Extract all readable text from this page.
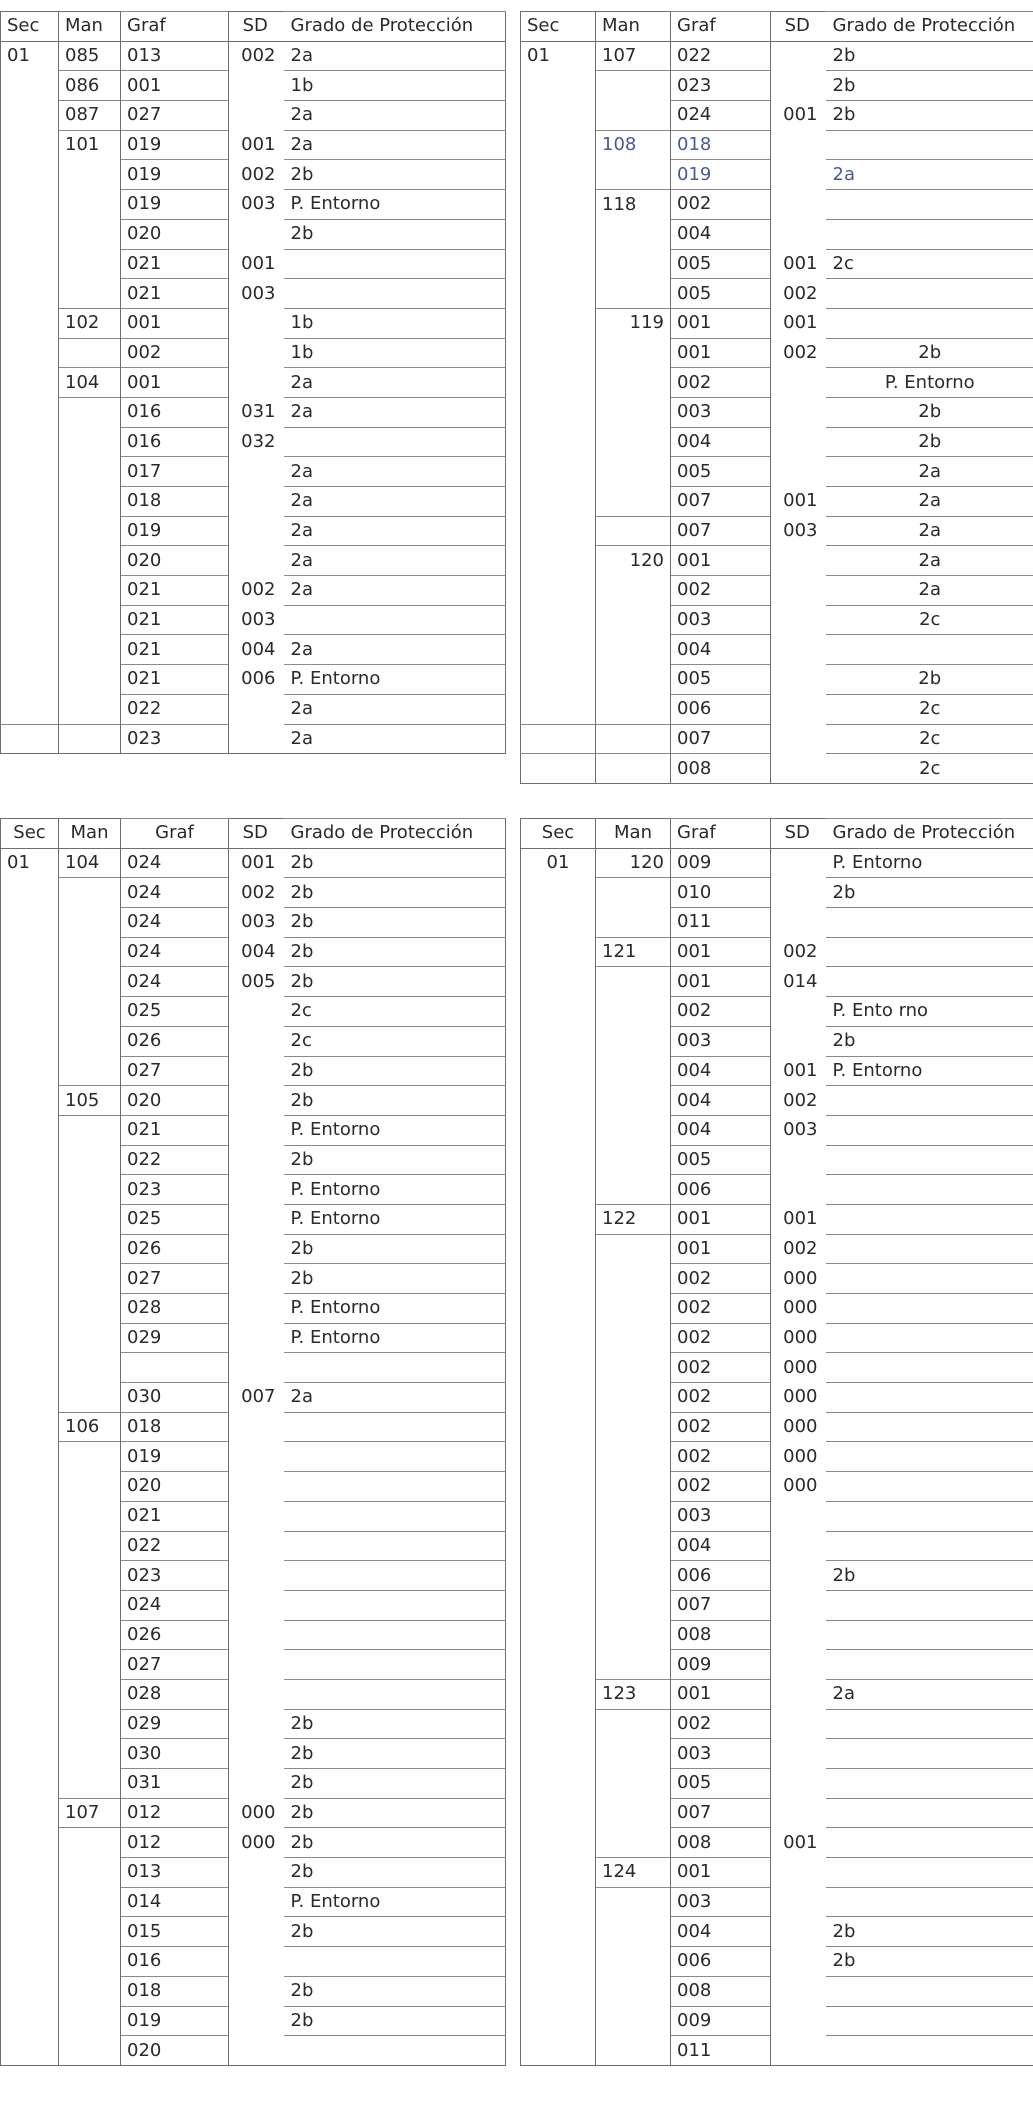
Sec	Man	Graf	SD	Grado de Protección
01	085	013	002	2a
	086	001		1b
	087	027		2a
	101	019	001	2a
		019	002	2b
		019	003	P. Entorno
		020		2b
		021	001	
		021	003	
	102	001		1b
		002		1b
	104	001		2a
		016	031	2a
		016	032	
		017		2a
		018		2a
		019		2a
		020		2a
		021	002	2a
		021	003	
		021	004	2a
		021	006	P. Entorno
		022		2a
		023		2a
Sec	Man	Graf	SD	Grado de Protección
01	107	022		2b
		023		2b
		024	001	2b
	108	018		
		019		2a
	118	002		
		004		
		005	001	2c
		005	002	
	119	001	001	
		001	002	2b
		002		P. Entorno
		003		2b
		004		2b
		005		2a
		007	001	2a
		007	003	2a
	120	001		2a
		002		2a
		003		2c
		004		
		005		2b
		006		2c
		007		2c
		008		2c
Sec	Man	Graf	SD	Grado de Protección
01	104	024	001	2b
		024	002	2b
		024	003	2b
		024	004	2b
		024	005	2b
		025		2c
		026		2c
		027		2b
	105	020		2b
		021		P. Entorno
		022		2b
		023		P. Entorno
		025		P. Entorno
		026		2b
		027		2b
		028		P. Entorno
		029		P. Entorno

		030	007	2a
	106	018		
		019		
		020		
		021		
		022		
		023		
		024		
		026		
		027		
		028		
		029		2b
		030		2b
		031		2b
	107	012	000	2b
		012	000	2b
		013		2b
		014		P. Entorno
		015		2b
		016		
		018		2b
		019		2b
		020		
Sec	Man	Graf	SD	Grado de Protección
01	120	009		P. Entorno
		010		2b
		011		
	121	001	002	
		001	014	
		002		P. Ento rno
		003		2b
		004	001	P. Entorno
		004	002	
		004	003	
		005		
		006		
	122	001	001	
		001	002	
		002	000	
		002	000	
		002	000	
		002	000	
		002	000	
		002	000	
		002	000	
		002	000	
		003		
		004		
		006		2b
		007		
		008		
		009		
	123	001		2a
		002		
		003		
		005		
		007		
		008	001	
	124	001		
		003		
		004		2b
		006		2b
		008		
		009		
		011		
